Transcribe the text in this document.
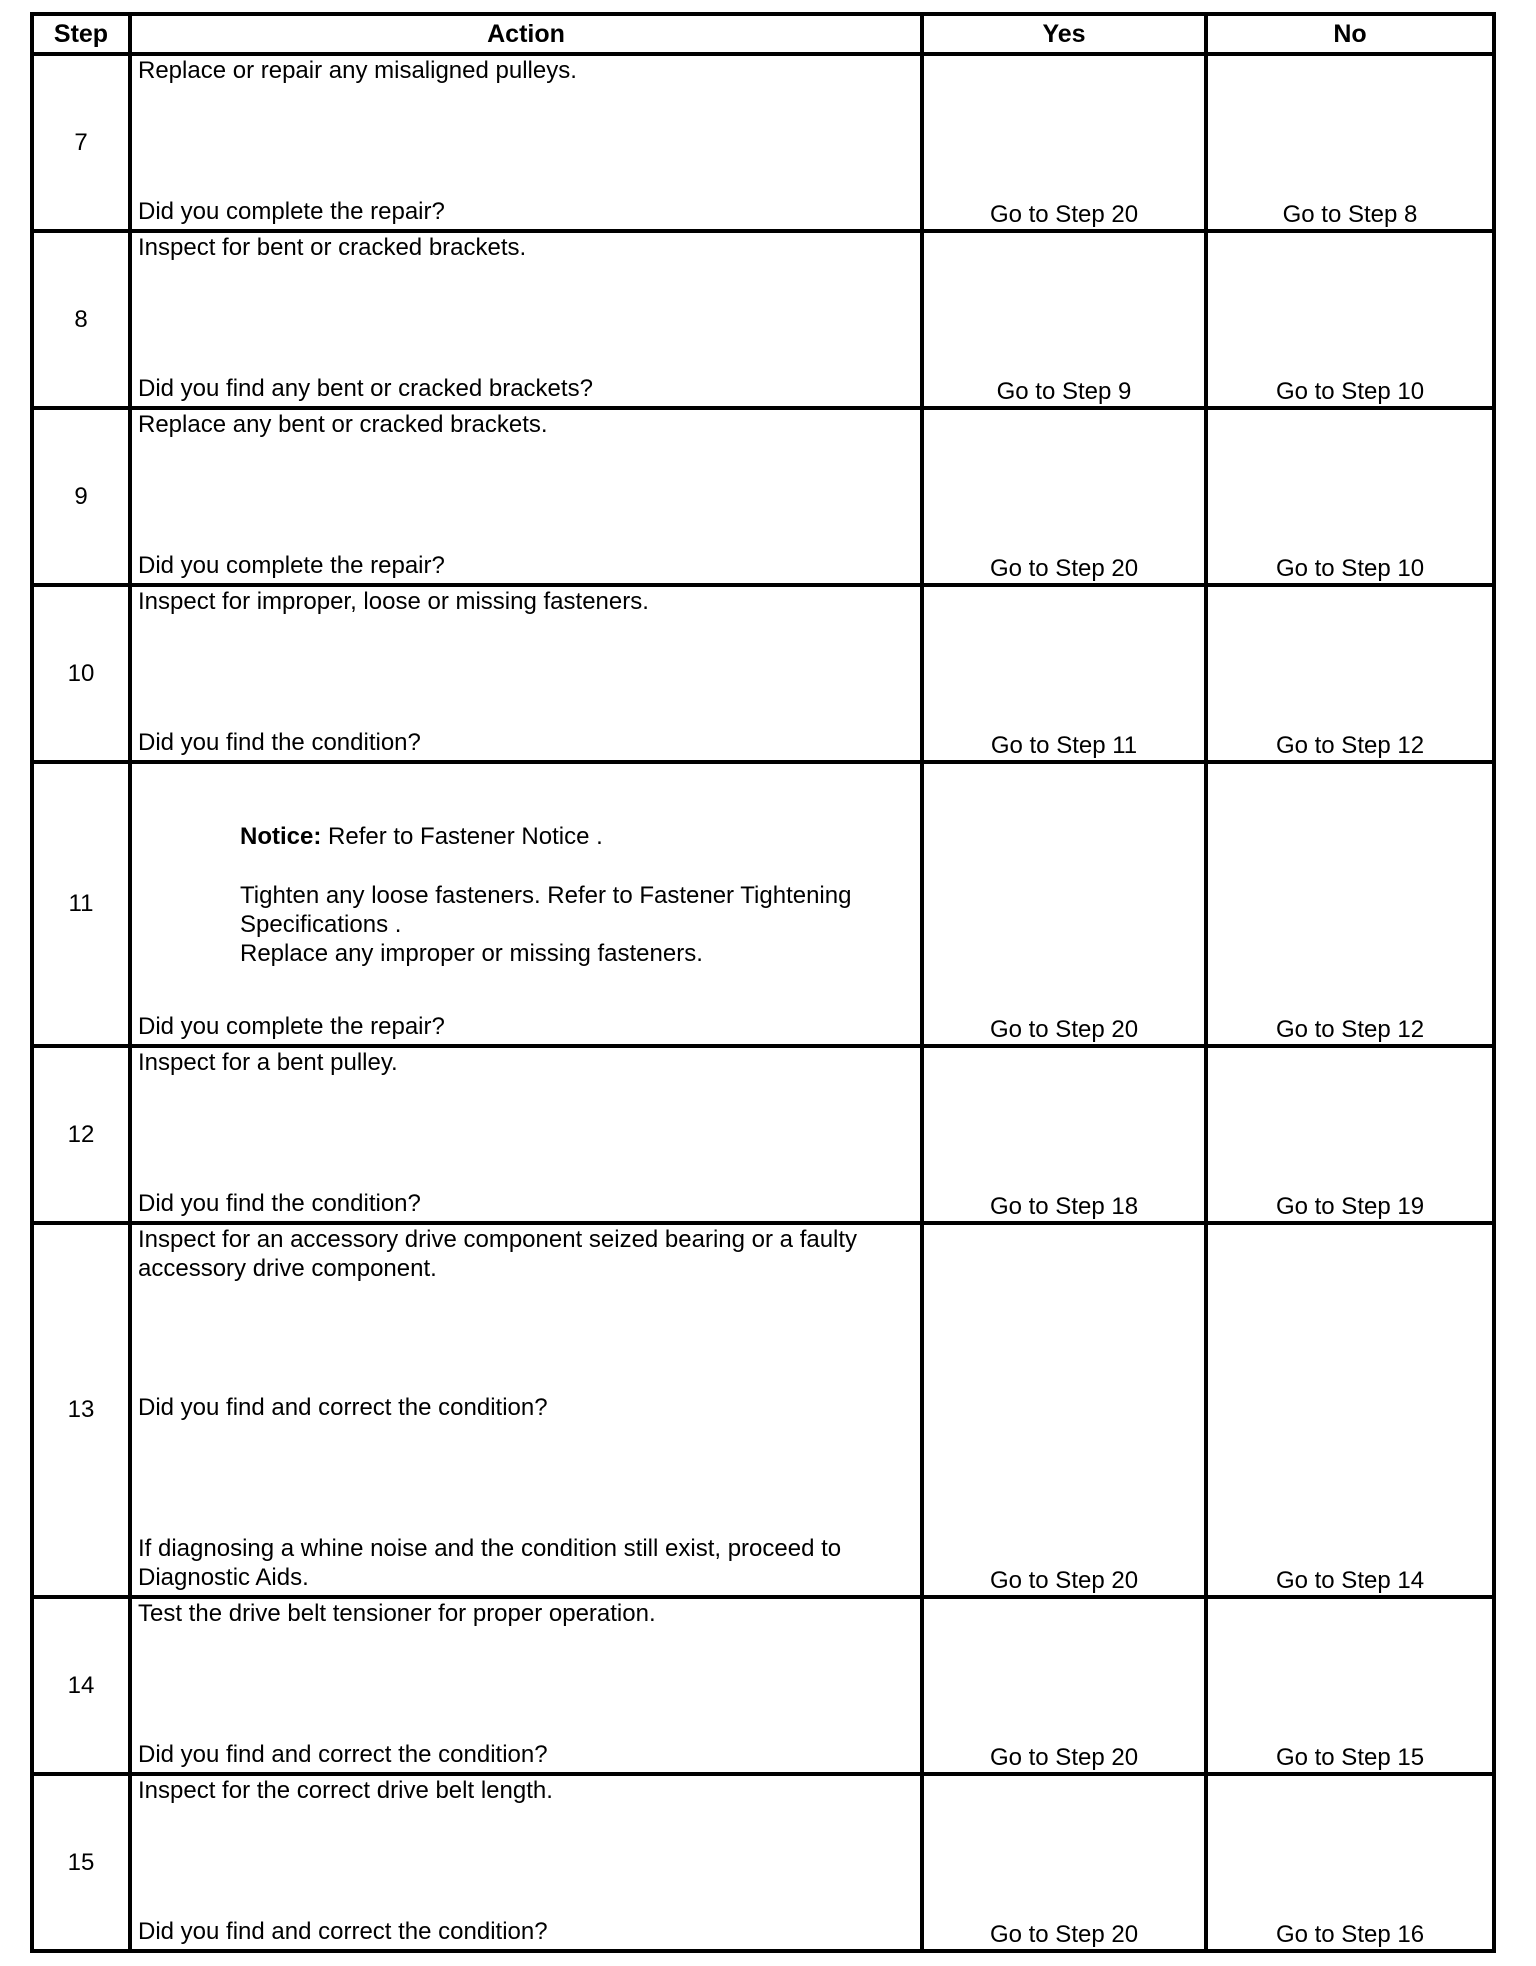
Step	Action	Yes	No
7	Replace or repair any misaligned pulleys.
Did you complete the repair?	Go to Step 20	Go to Step 8
8	Inspect for bent or cracked brackets.
Did you find any bent or cracked brackets?	Go to Step 9	Go to Step 10
9	Replace any bent or cracked brackets.
Did you complete the repair?	Go to Step 20	Go to Step 10
10	Inspect for improper, loose or missing fasteners.
Did you find the condition?	Go to Step 11	Go to Step 12
11	Notice: Refer to Fastener Notice .

Tighten any loose fasteners. Refer to Fastener Tightening

Specifications .

Replace any improper or missing fasteners.

Did you complete the repair?	Go to Step 20	Go to Step 12
12	Inspect for a bent pulley.
Did you find the condition?	Go to Step 18	Go to Step 19
13	Inspect for an accessory drive component seized bearing or a faulty
accessory drive component.
Did you find and correct the condition?
If diagnosing a whine noise and the condition still exist, proceed to
Diagnostic Aids.	Go to Step 20	Go to Step 14
14	Test the drive belt tensioner for proper operation.
Did you find and correct the condition?	Go to Step 20	Go to Step 15
15	Inspect for the correct drive belt length.
Did you find and correct the condition?	Go to Step 20	Go to Step 16
